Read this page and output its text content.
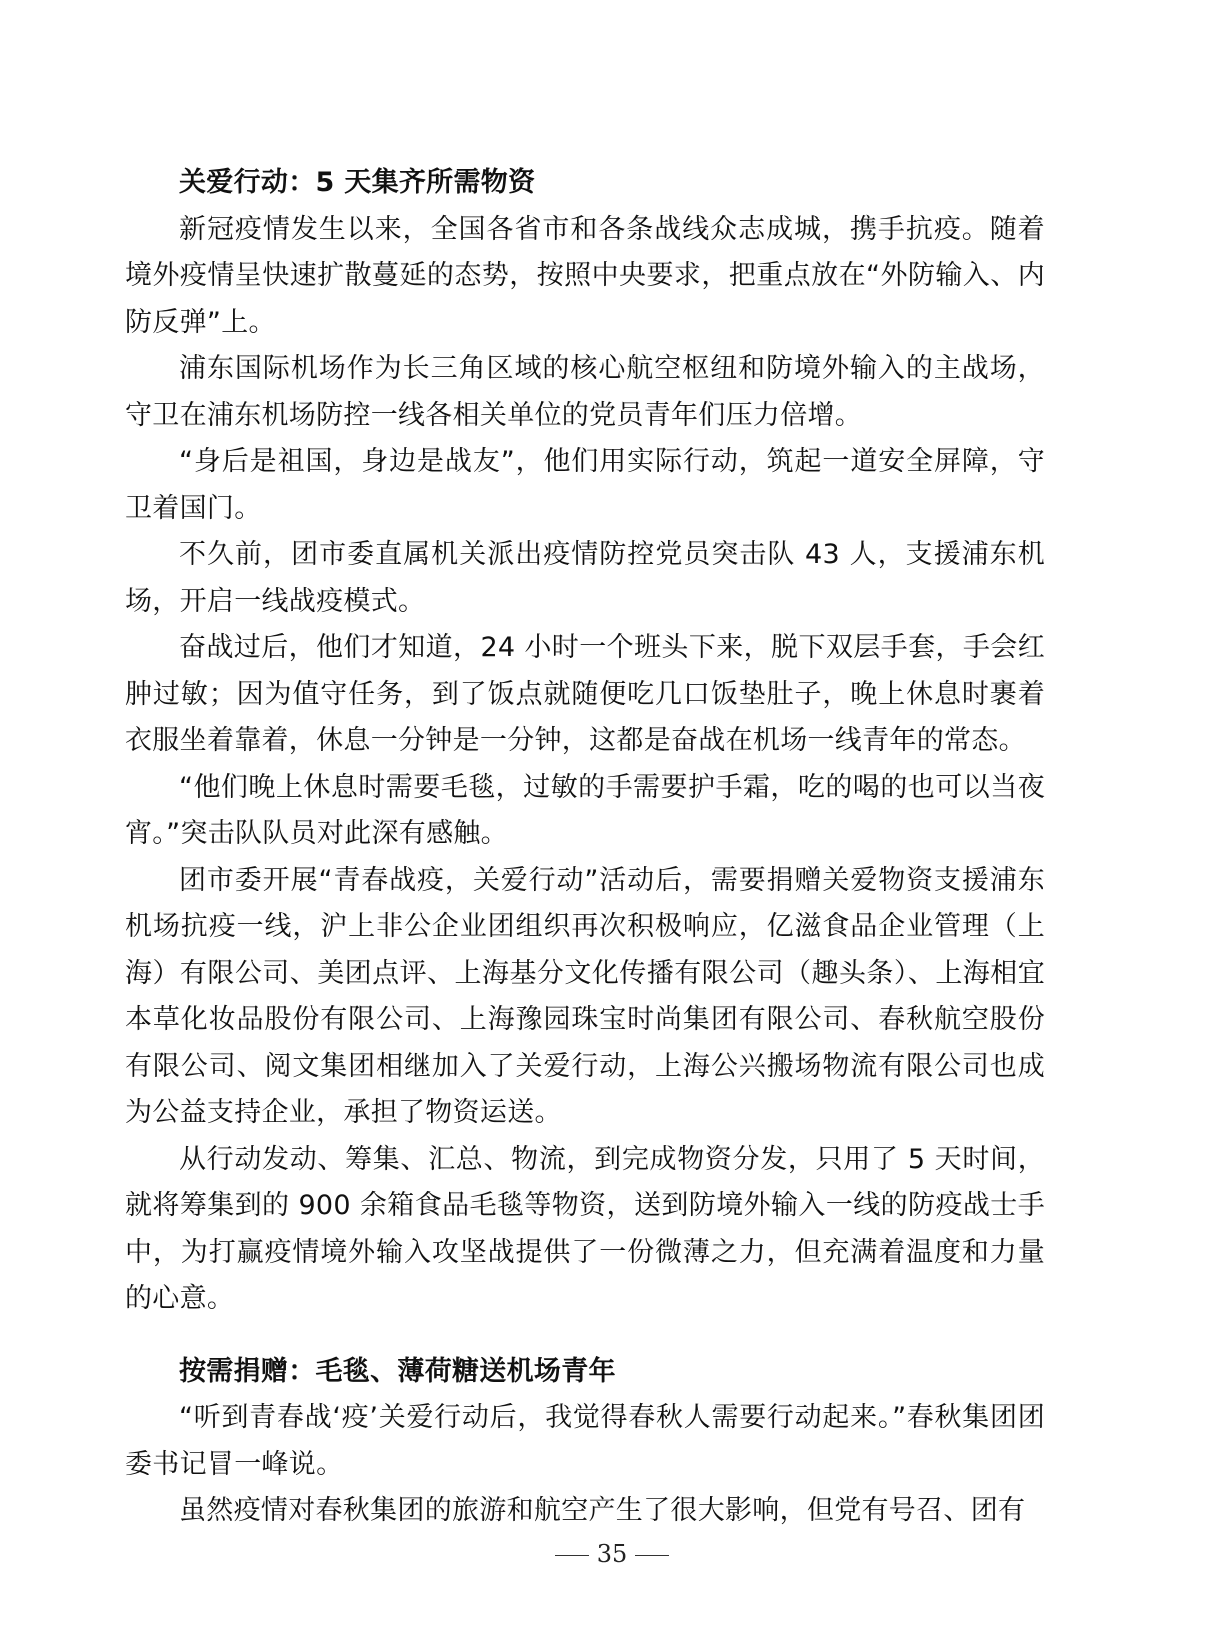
关爱行动：5 天集齐所需物资

新冠疫情发生以来，全国各省市和各条战线众志成城，携手抗疫。随着境外疫情呈快速扩散蔓延的态势，按照中央要求，把重点放在“外防输入、内防反弹”上。

浦东国际机场作为长三角区域的核心航空枢纽和防境外输入的主战场，守卫在浦东机场防控一线各相关单位的党员青年们压力倍增。

“身后是祖国，身边是战友”，他们用实际行动，筑起一道安全屏障，守卫着国门。

不久前，团市委直属机关派出疫情防控党员突击队 43 人，支援浦东机场，开启一线战疫模式。

奋战过后，他们才知道，24 小时一个班头下来，脱下双层手套，手会红肿过敏；因为值守任务，到了饭点就随便吃几口饭垫肚子，晚上休息时裹着衣服坐着靠着，休息一分钟是一分钟，这都是奋战在机场一线青年的常态。

“他们晚上休息时需要毛毯，过敏的手需要护手霜，吃的喝的也可以当夜宵。”突击队队员对此深有感触。

团市委开展“青春战疫，关爱行动”活动后，需要捐赠关爱物资支援浦东机场抗疫一线，沪上非公企业团组织再次积极响应，亿滋食品企业管理（上海）有限公司、美团点评、上海基分文化传播有限公司（趣头条）、上海相宜本草化妆品股份有限公司、上海豫园珠宝时尚集团有限公司、春秋航空股份有限公司、阅文集团相继加入了关爱行动，上海公兴搬场物流有限公司也成为公益支持企业，承担了物资运送。

从行动发动、筹集、汇总、物流，到完成物资分发，只用了 5 天时间，就将筹集到的 900 余箱食品毛毯等物资，送到防境外输入一线的防疫战士手中，为打赢疫情境外输入攻坚战提供了一份微薄之力，但充满着温度和力量的心意。

按需捐赠：毛毯、薄荷糖送机场青年

“听到青春战‘疫’关爱行动后，我觉得春秋人需要行动起来。”春秋集团团委书记冒一峰说。

虽然疫情对春秋集团的旅游和航空产生了很大影响，但党有号召、团有

35
